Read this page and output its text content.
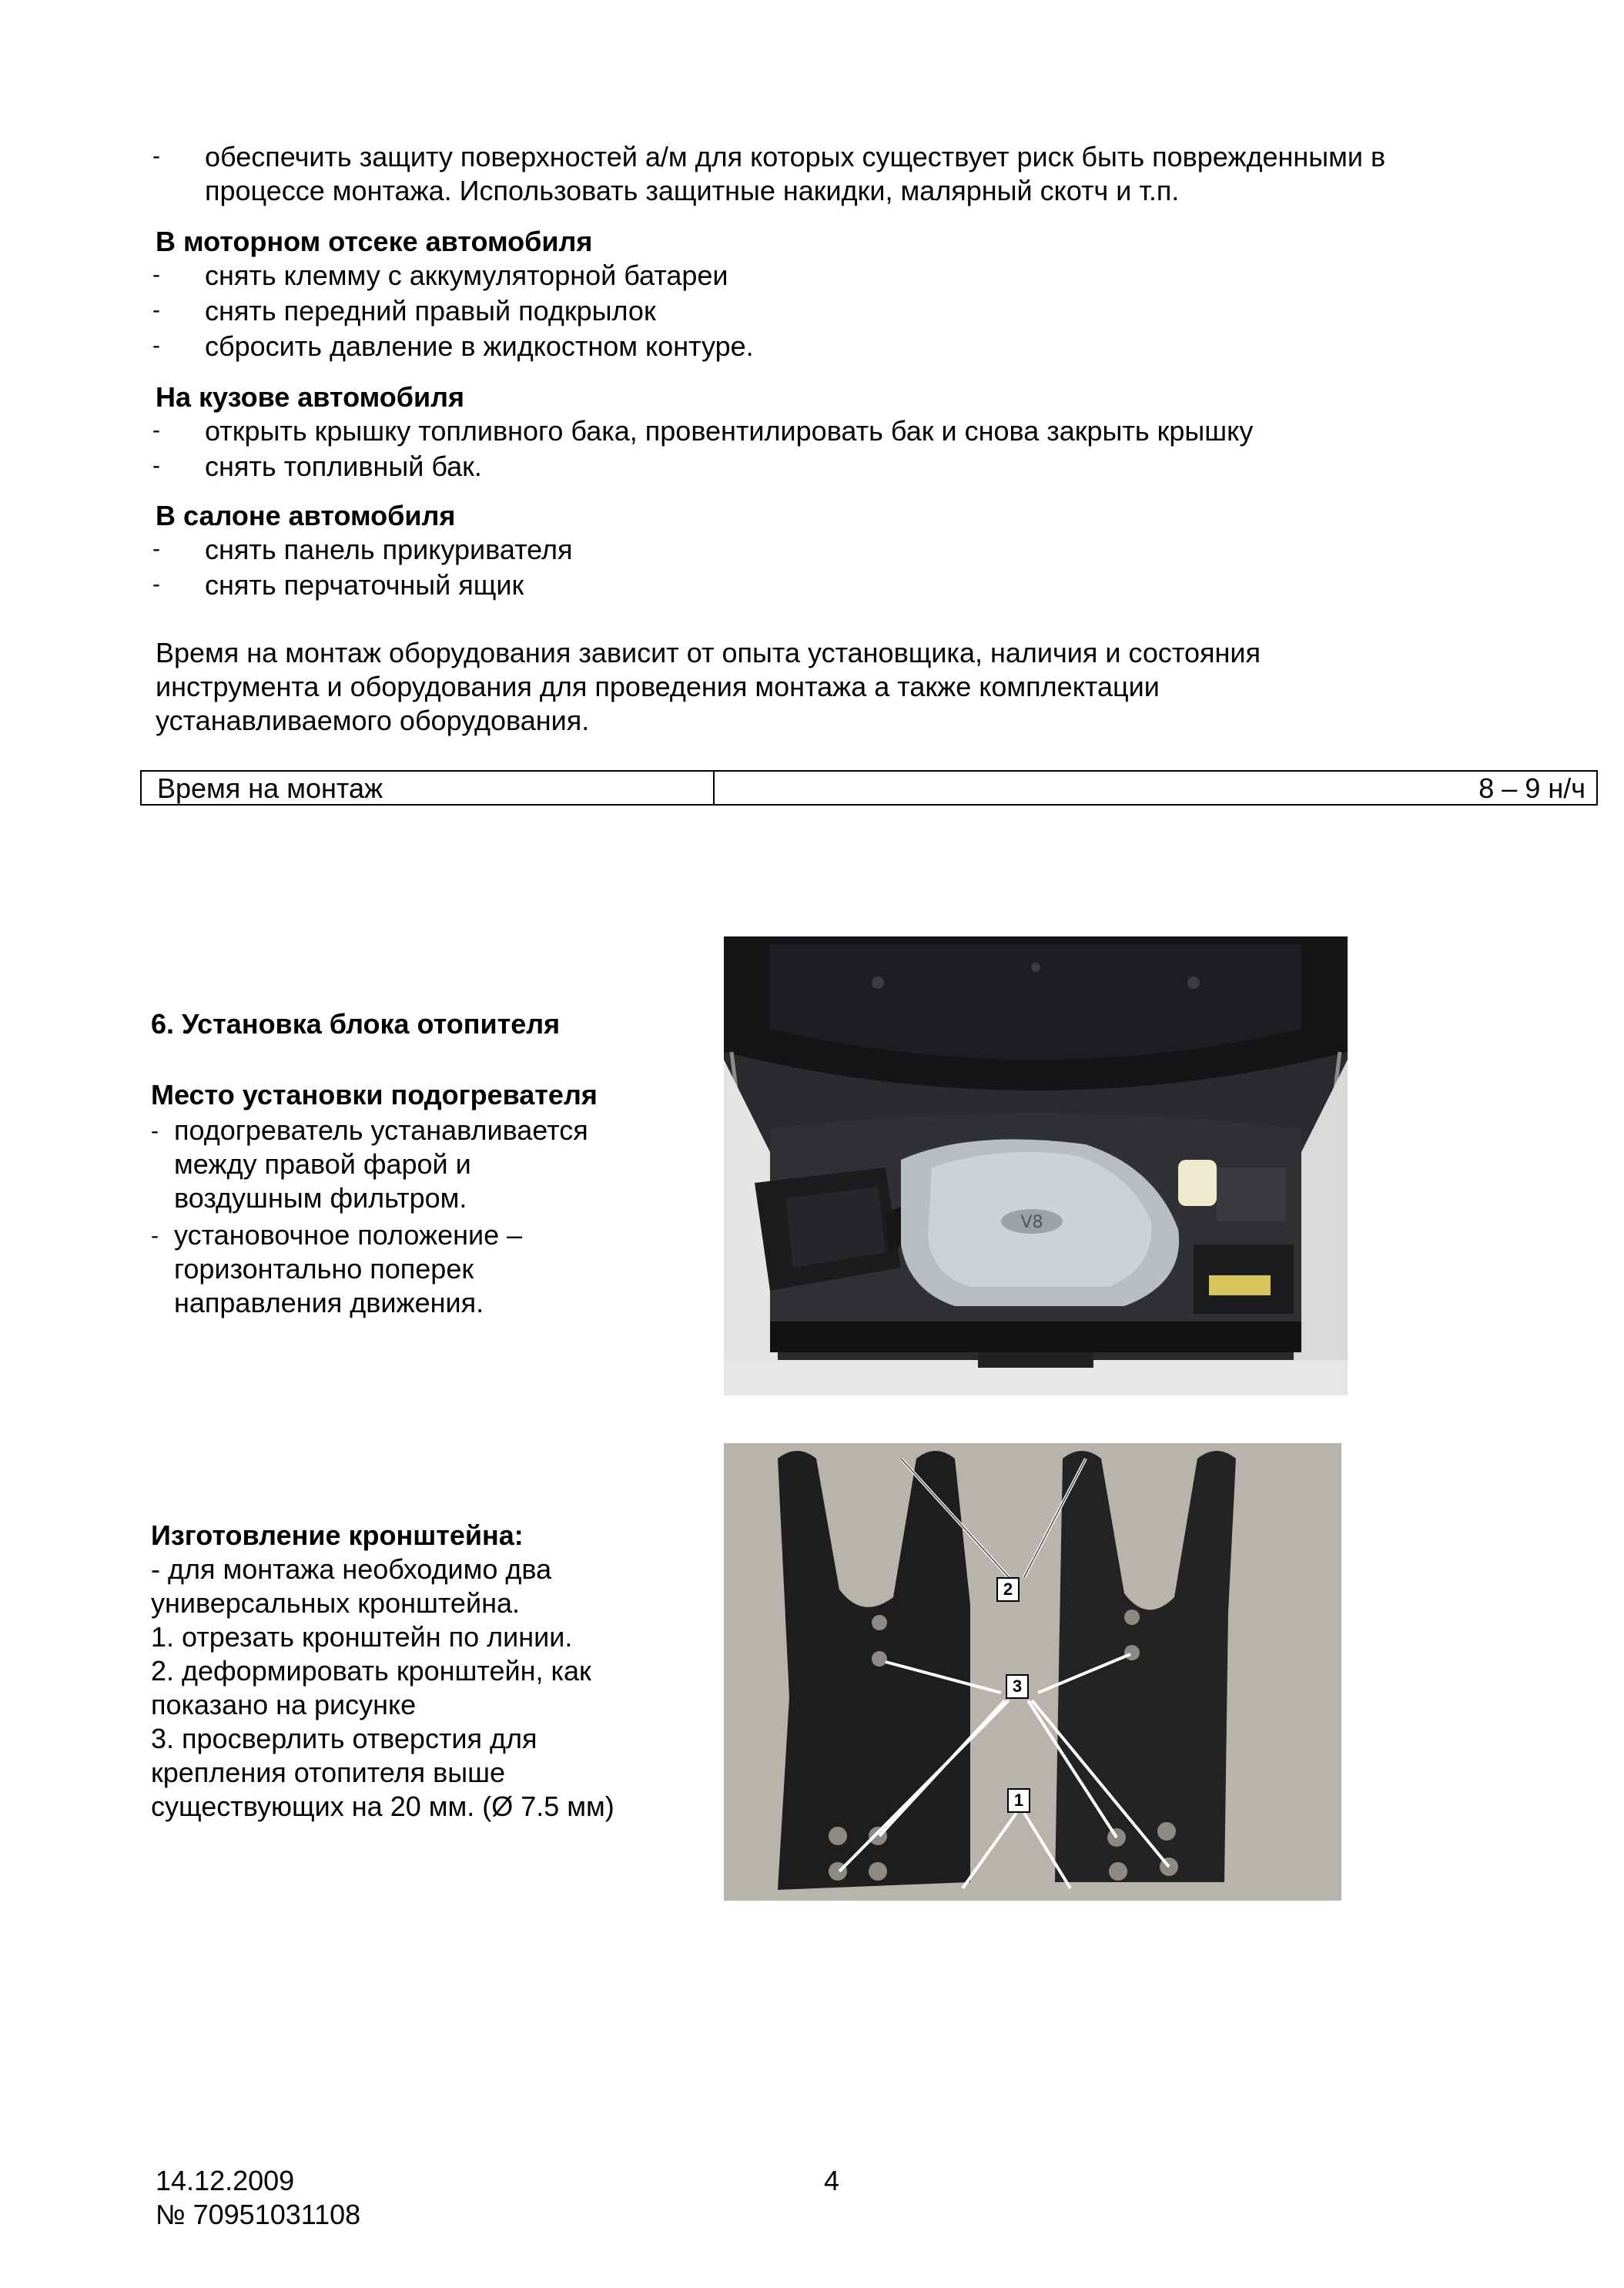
- обеспечить защиту поверхностей а/м для которых существует риск быть поврежденными в
процессе монтажа. Использовать защитные накидки, малярный скотч и т.п.
В моторном отсеке автомобиля
- снять клемму с аккумуляторной батареи
- снять передний правый подкрылок
- сбросить давление в жидкостном контуре.
На кузове автомобиля
- открыть крышку топливного бака, провентилировать бак и снова закрыть крышку
- снять топливный бак.
В салоне автомобиля
- снять панель прикуривателя
- снять перчаточный ящик
Время на монтаж оборудования зависит от опыта установщика, наличия и состояния
инструмента и оборудования для проведения монтажа а также комплектации
устанавливаемого оборудования.
Время на монтаж	8 – 9 н/ч
6. Установка блока отопителя
Место установки подогревателя
- подогреватель устанавливается
между правой фарой и
воздушным фильтром.
- установочное положение –
горизонтально поперек
направления движения.
V8
Изготовление кронштейна:
- для монтажа необходимо два
универсальных кронштейна.
1. отрезать кронштейн по линии.
2. деформировать кронштейн, как
показано на рисунке
3. просверлить отверстия для
крепления отопителя выше
существующих на 20 мм. (Ø 7.5 мм)
2
3
1
14.12.2009	4
№ 70951031108
